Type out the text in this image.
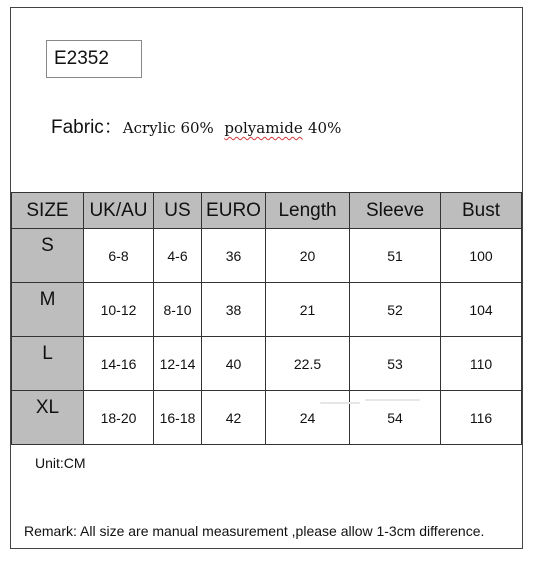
E2352
Fabric：Acrylic 60% polyamide 40%
SIZE	UK/AU	US	EURO	Length	Sleeve	Bust
S	6-8	4-6	36	20	51	100
M	10-12	8-10	38	21	52	104
L	14-16	12-14	40	22.5	53	110
XL	18-20	16-18	42	24	54	116
Unit:CM
Remark: All size are manual measurement ,please allow 1-3cm difference.
